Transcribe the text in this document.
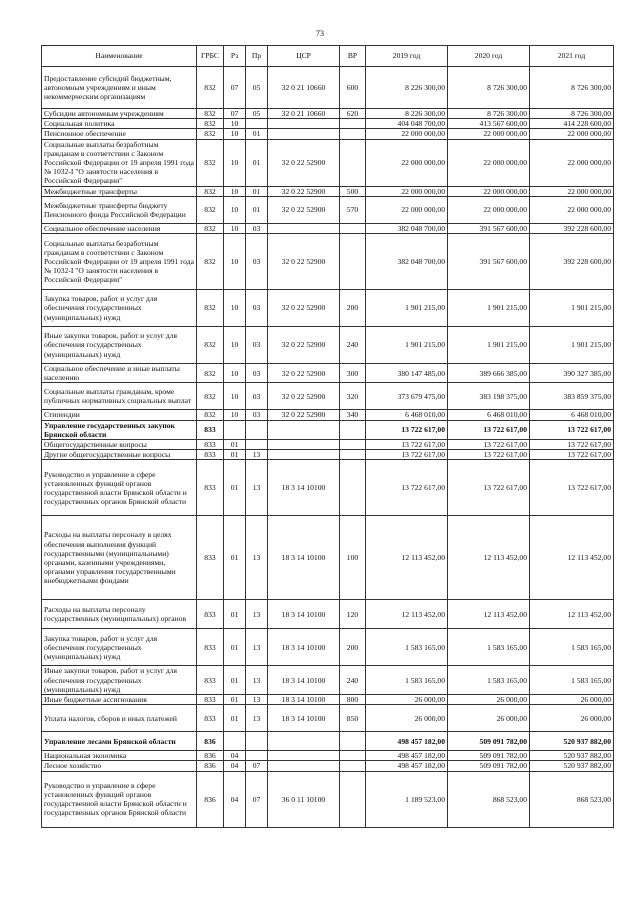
73
Наименование	ГРБС	Рз	Пр	ЦСР	ВР	2019 год	2020 год	2021 год
Предоставление субсидий бюджетным, автономным учреждениям и иным некоммерческим организациям	832	07	05	32 0 21 10660	600	8 226 300,00	8 726 300,00	8 726 300,00
Субсидии автономным учреждениям	832	07	05	32 0 21 10660	620	8 226 300,00	8 726 300,00	8 726 300,00
Социальная политика	832	10				404 048 700,00	413 567 600,00	414 228 600,00
Пенсионное обеспечение	832	10	01			22 000 000,00	22 000 000,00	22 000 000,00
Социальные выплаты безработным гражданам в соответствии с Законом Российской Федерации от 19 апреля 1991 года № 1032-I "О занятости населения в Российской Федерации"	832	10	01	32 0 22 52900		22 000 000,00	22 000 000,00	22 000 000,00
Межбюджетные трансферты	832	10	01	32 0 22 52900	500	22 000 000,00	22 000 000,00	22 000 000,00
Межбюджетные трансферты бюджету Пенсионного фонда Российской Федерации	832	10	01	32 0 22 52900	570	22 000 000,00	22 000 000,00	22 000 000,00
Социальное обеспечение населения	832	10	03			382 048 700,00	391 567 600,00	392 228 600,00
Социальные выплаты безработным гражданам в соответствии с Законом Российской Федерации от 19 апреля 1991 года № 1032-I "О занятости населения в Российской Федерации"	832	10	03	32 0 22 52900		382 048 700,00	391 567 600,00	392 228 600,00
Закупка товаров, работ и услуг для обеспечения государственных (муниципальных) нужд	832	10	03	32 0 22 52900	200	1 901 215,00	1 901 215,00	1 901 215,00
Иные закупки товаров, работ и услуг для обеспечения государственных (муниципальных) нужд	832	10	03	32 0 22 52900	240	1 901 215,00	1 901 215,00	1 901 215,00
Социальное обеспечение и иные выплаты населению	832	10	03	32 0 22 52900	300	380 147 485,00	389 666 385,00	390 327 385,00
Социальные выплаты гражданам, кроме публичных нормативных социальных выплат	832	10	03	32 0 22 52900	320	373 679 475,00	383 198 375,00	383 859 375,00
Стипендии	832	10	03	32 0 22 52900	340	6 468 010,00	6 468 010,00	6 468 010,00
Управление государственных закупок Брянской области	833					13 722 617,00	13 722 617,00	13 722 617,00
Общегосударственные вопросы	833	01				13 722 617,00	13 722 617,00	13 722 617,00
Другие общегосударственные вопросы	833	01	13			13 722 617,00	13 722 617,00	13 722 617,00
Руководство и управление в сфере установленных функций органов государственной власти Брянской области и государственных органов Брянской области	833	01	13	18 3 14 10100		13 722 617,00	13 722 617,00	13 722 617,00
Расходы на выплаты персоналу в целях обеспечения выполнения функций государственными (муниципальными) органами, казенными учреждениями, органами управления государственными внебюджетными фондами	833	01	13	18 3 14 10100	100	12 113 452,00	12 113 452,00	12 113 452,00
Расходы на выплаты персоналу государственных (муниципальных) органов	833	01	13	18 3 14 10100	120	12 113 452,00	12 113 452,00	12 113 452,00
Закупка товаров, работ и услуг для обеспечения государственных (муниципальных) нужд	833	01	13	18 3 14 10100	200	1 583 165,00	1 583 165,00	1 583 165,00
Иные закупки товаров, работ и услуг для обеспечения государственных (муниципальных) нужд	833	01	13	18 3 14 10100	240	1 583 165,00	1 583 165,00	1 583 165,00
Иные бюджетные ассигнования	833	01	13	18 3 14 10100	800	26 000,00	26 000,00	26 000,00
Уплата налогов, сборов и иных платежей	833	01	13	18 3 14 10100	850	26 000,00	26 000,00	26 000,00
Управление лесами Брянской области	836					498 457 182,00	509 091 782,00	520 937 882,00
Национальная экономика	836	04				498 457 182,00	509 091 782,00	520 937 882,00
Лесное хозяйство	836	04	07			498 457 182,00	509 091 782,00	520 937 882,00
Руководство и управление в сфере установленных функций органов государственной власти Брянской области и государственных органов Брянской области	836	04	07	36 0 11 10100		1 189 523,00	868 523,00	868 523,00
